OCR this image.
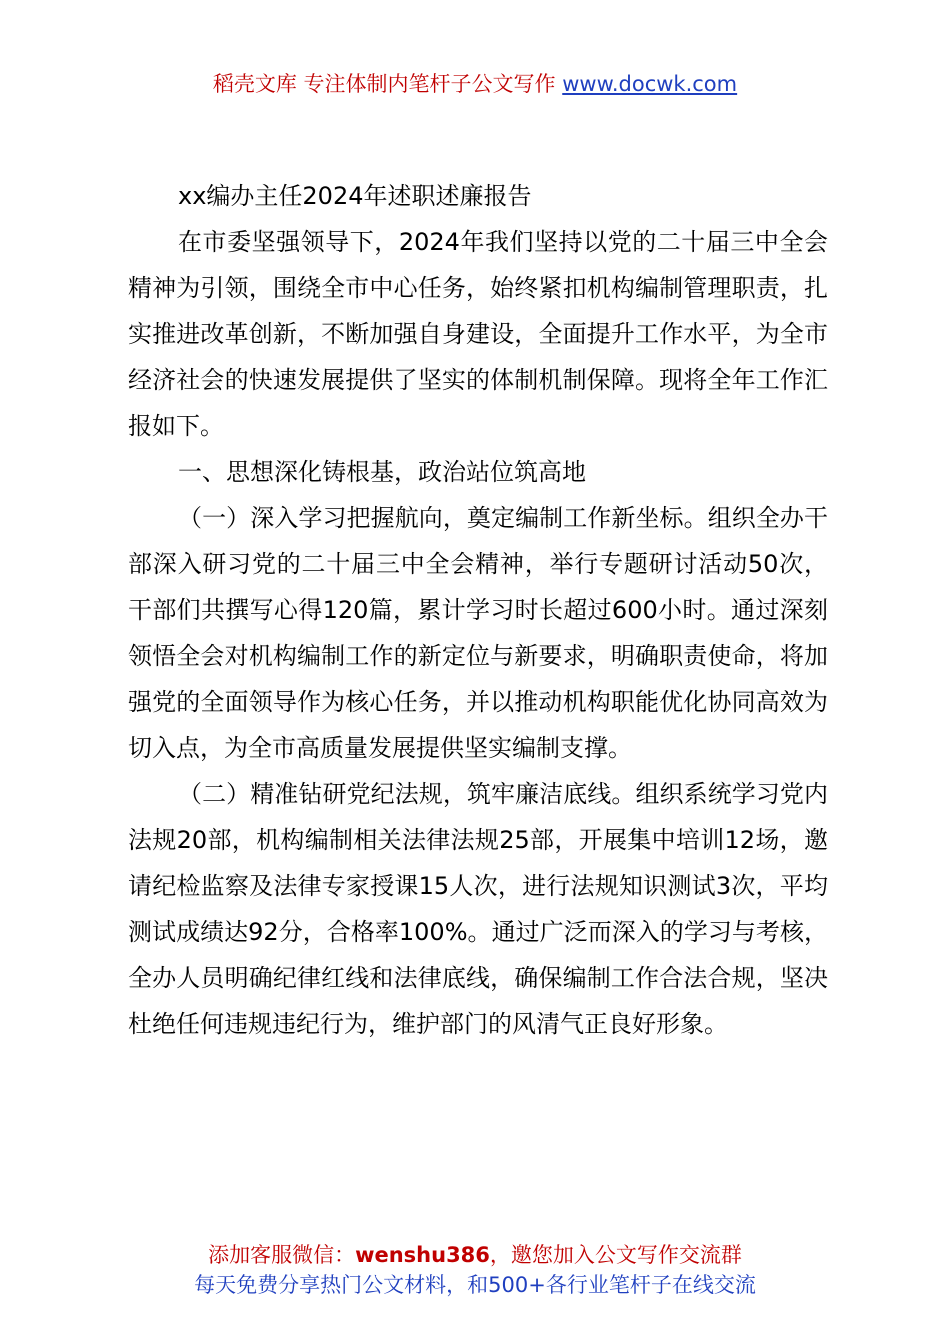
稻壳文库 专注体制内笔杆子公文写作 www.docwk.com

xx编办主任2024年述职述廉报告

在市委坚强领导下，2024年我们坚持以党的二十届三中全会精神为引领，围绕全市中心任务，始终紧扣机构编制管理职责，扎实推进改革创新，不断加强自身建设，全面提升工作水平，为全市经济社会的快速发展提供了坚实的体制机制保障。现将全年工作汇报如下。

一、思想深化铸根基，政治站位筑高地

（一）深入学习把握航向，奠定编制工作新坐标。组织全办干部深入研习党的二十届三中全会精神，举行专题研讨活动50次，干部们共撰写心得120篇，累计学习时长超过600小时。通过深刻领悟全会对机构编制工作的新定位与新要求，明确职责使命，将加强党的全面领导作为核心任务，并以推动机构职能优化协同高效为切入点，为全市高质量发展提供坚实编制支撑。

（二）精准钻研党纪法规，筑牢廉洁底线。组织系统学习党内法规20部，机构编制相关法律法规25部，开展集中培训12场，邀请纪检监察及法律专家授课15人次，进行法规知识测试3次，平均测试成绩达92分，合格率100%。通过广泛而深入的学习与考核，全办人员明确纪律红线和法律底线，确保编制工作合法合规，坚决杜绝任何违规违纪行为，维护部门的风清气正良好形象。

添加客服微信：wenshu386，邀您加入公文写作交流群
每天免费分享热门公文材料，和500+各行业笔杆子在线交流
